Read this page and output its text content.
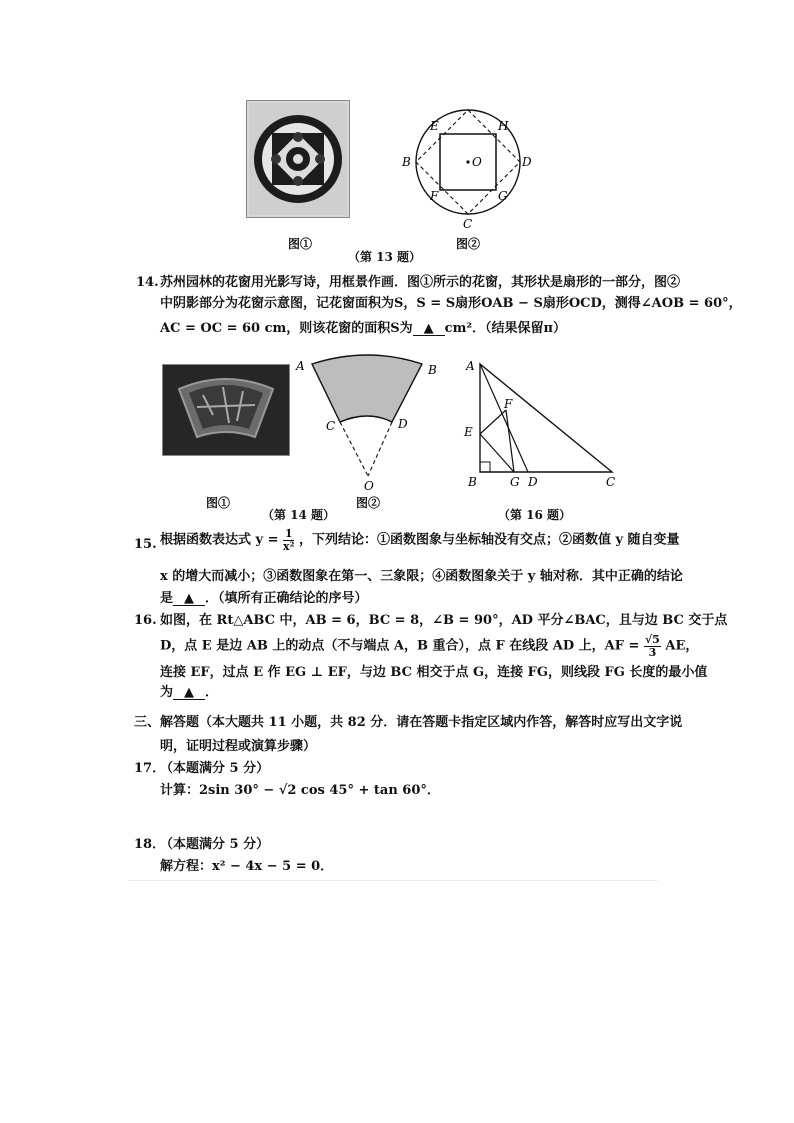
E	H
B	O	D
F	G
C
图①	图②
（第 13 题）
14. 苏州园林的花窗用光影写诗，用框景作画．图①所示的花窗，其形状是扇形的一部分，图②
中阴影部分为花窗示意图，记花窗面积为S，S = S扇形OAB − S扇形OCD，测得∠AOB = 60°，
AC = OC = 60 cm，则该花窗的面积S为 ▲ cm²．（结果保留π）
A	B
C	D
O
A
F
E
B	G D	C
图①
（第 14 题）
图②
（第 16 题）
15. 根据函数表达式 $y = \frac{1}{\text{x²}}$ ，下列结论：①函数图象与坐标轴没有交点；②函数值 y 随自变量
x 的增大而减小；③函数图象在第一、三象限；④函数图象关于 y 轴对称．其中正确的结论
是 ▲ ．（填所有正确结论的序号）
16. 如图，在 Rt△ABC 中，AB = 6，BC = 8，∠B = 90°，AD 平分∠BAC，且与边 BC 交于点
D，点 E 是边 AB 上的动点（不与端点 A，B 重合），点 F 在线段 AD 上，AF = $\frac{√5}{3}$ AE，
连接 EF，过点 E 作 EG ⊥ EF，与边 BC 相交于点 G，连接 FG，则线段 FG 长度的最小值
为 ▲ ．
三、解答题（本大题共 11 小题，共 82 分．请在答题卡指定区域内作答，解答时应写出文字说
明，证明过程或演算步骤）
17．
（本题满分 5 分）
计算：2sin 30° − √2 cos 45° + tan 60°．
18．
（本题满分 5 分）
解方程：x² − 4x − 5 = 0．
